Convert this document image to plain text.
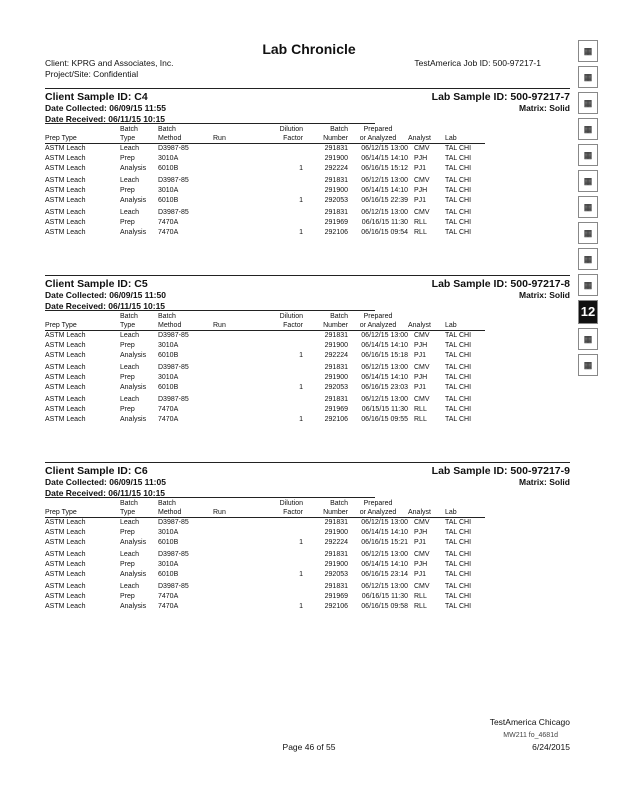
Lab Chronicle
Client: KPRG and Associates, Inc.
Project/Site: Confidential
TestAmerica Job ID: 500-97217-1
Client Sample ID: C4	Lab Sample ID: 500-97217-7
Date Collected: 06/09/15 11:55	Matrix: Solid
Date Received: 06/11/15 10:15
	Batch	Batch		Dilution	Batch	Prepared		
Prep Type	Type	Method	Run	Factor	Number	or Analyzed	Analyst	Lab
ASTM Leach	Leach	D3987-85			291831	06/12/15 13:00	CMV	TAL CHI
ASTM Leach	Prep	3010A			291900	06/14/15 14:10	PJH	TAL CHI
ASTM Leach	Analysis	6010B		1	292224	06/16/15 15:12	PJ1	TAL CHI
ASTM Leach	Leach	D3987-85			291831	06/12/15 13:00	CMV	TAL CHI
ASTM Leach	Prep	3010A			291900	06/14/15 14:10	PJH	TAL CHI
ASTM Leach	Analysis	6010B		1	292053	06/16/15 22:39	PJ1	TAL CHI
ASTM Leach	Leach	D3987-85			291831	06/12/15 13:00	CMV	TAL CHI
ASTM Leach	Prep	7470A			291969	06/16/15 11:30	RLL	TAL CHI
ASTM Leach	Analysis	7470A		1	292106	06/16/15 09:54	RLL	TAL CHI
Client Sample ID: C5	Lab Sample ID: 500-97217-8
Date Collected: 06/09/15 11:50	Matrix: Solid
Date Received: 06/11/15 10:15
	Batch	Batch		Dilution	Batch	Prepared		
Prep Type	Type	Method	Run	Factor	Number	or Analyzed	Analyst	Lab
ASTM Leach	Leach	D3987-85			291831	06/12/15 13:00	CMV	TAL CHI
ASTM Leach	Prep	3010A			291900	06/14/15 14:10	PJH	TAL CHI
ASTM Leach	Analysis	6010B		1	292224	06/16/15 15:18	PJ1	TAL CHI
ASTM Leach	Leach	D3987-85			291831	06/12/15 13:00	CMV	TAL CHI
ASTM Leach	Prep	3010A			291900	06/14/15 14:10	PJH	TAL CHI
ASTM Leach	Analysis	6010B		1	292053	06/16/15 23:03	PJ1	TAL CHI
ASTM Leach	Leach	D3987-85			291831	06/12/15 13:00	CMV	TAL CHI
ASTM Leach	Prep	7470A			291969	06/15/15 11:30	RLL	TAL CHI
ASTM Leach	Analysis	7470A		1	292106	06/16/15 09:55	RLL	TAL CHI
Client Sample ID: C6	Lab Sample ID: 500-97217-9
Date Collected: 06/09/15 11:05	Matrix: Solid
Date Received: 06/11/15 10:15
	Batch	Batch		Dilution	Batch	Prepared		
Prep Type	Type	Method	Run	Factor	Number	or Analyzed	Analyst	Lab
ASTM Leach	Leach	D3987-85			291831	06/12/15 13:00	CMV	TAL CHI
ASTM Leach	Prep	3010A			291900	06/14/15 14:10	PJH	TAL CHI
ASTM Leach	Analysis	6010B		1	292224	06/16/15 15:21	PJ1	TAL CHI
ASTM Leach	Leach	D3987-85			291831	06/12/15 13:00	CMV	TAL CHI
ASTM Leach	Prep	3010A			291900	06/14/15 14:10	PJH	TAL CHI
ASTM Leach	Analysis	6010B		1	292053	06/16/15 23:14	PJ1	TAL CHI
ASTM Leach	Leach	D3987-85			291831	06/12/15 13:00	CMV	TAL CHI
ASTM Leach	Prep	7470A			291969	06/16/15 11:30	RLL	TAL CHI
ASTM Leach	Analysis	7470A		1	292106	06/16/15 09:58	RLL	TAL CHI
▦
▦
▦
▦
▦
▦
▦
▦
▦
▦
12
▦
▦
TestAmerica Chicago
MW211 fo_4681d
Page 46 of 55	6/24/2015
